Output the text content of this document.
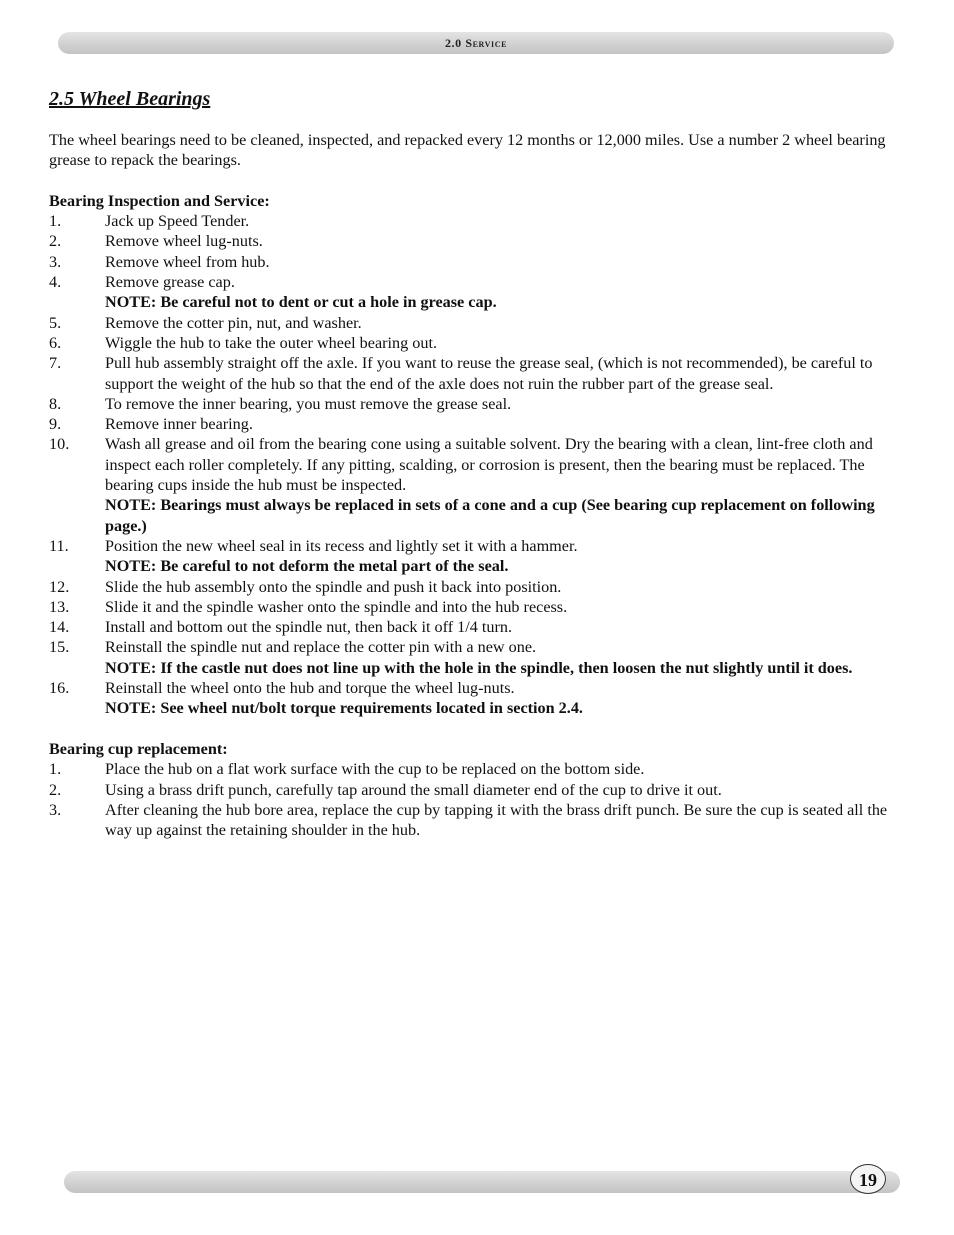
2.0 Service
2.5 Wheel Bearings

The wheel bearings need to be cleaned, inspected, and repacked every 12 months or 12,000 miles. Use a number 2 wheel bearing grease to repack the bearings.

Bearing Inspection and Service:

1.	Jack up Speed Tender.
2.	Remove wheel lug-nuts.
3.	Remove wheel from hub.
4.	Remove grease cap.
NOTE: Be careful not to dent or cut a hole in grease cap.
5.	Remove the cotter pin, nut, and washer.
6.	Wiggle the hub to take the outer wheel bearing out.
7.	Pull hub assembly straight off the axle. If you want to reuse the grease seal, (which is not recommended), be careful to support the weight of the hub so that the end of the axle does not ruin the rubber part of the grease seal.
8.	To remove the inner bearing, you must remove the grease seal.
9.	Remove inner bearing.
10.	Wash all grease and oil from the bearing cone using a suitable solvent. Dry the bearing with a clean, lint-free cloth and inspect each roller completely. If any pitting, scalding, or corrosion is present, then the bearing must be replaced. The bearing cups inside the hub must be inspected.
NOTE: Bearings must always be replaced in sets of a cone and a cup (See bearing cup replacement on following page.)
11.	Position the new wheel seal in its recess and lightly set it with a hammer.
NOTE: Be careful to not deform the metal part of the seal.
12.	Slide the hub assembly onto the spindle and push it back into position.
13.	Slide it and the spindle washer onto the spindle and into the hub recess.
14.	Install and bottom out the spindle nut, then back it off 1/4 turn.
15.	Reinstall the spindle nut and replace the cotter pin with a new one.
NOTE: If the castle nut does not line up with the hole in the spindle, then loosen the nut slightly until it does.
16.	Reinstall the wheel onto the hub and torque the wheel lug-nuts.
NOTE: See wheel nut/bolt torque requirements located in section 2.4.

Bearing cup replacement:

1.	Place the hub on a flat work surface with the cup to be replaced on the bottom side.
2.	Using a brass drift punch, carefully tap around the small diameter end of the cup to drive it out.
3.	After cleaning the hub bore area, replace the cup by tapping it with the brass drift punch. Be sure the cup is seated all the way up against the retaining shoulder in the hub.
19
